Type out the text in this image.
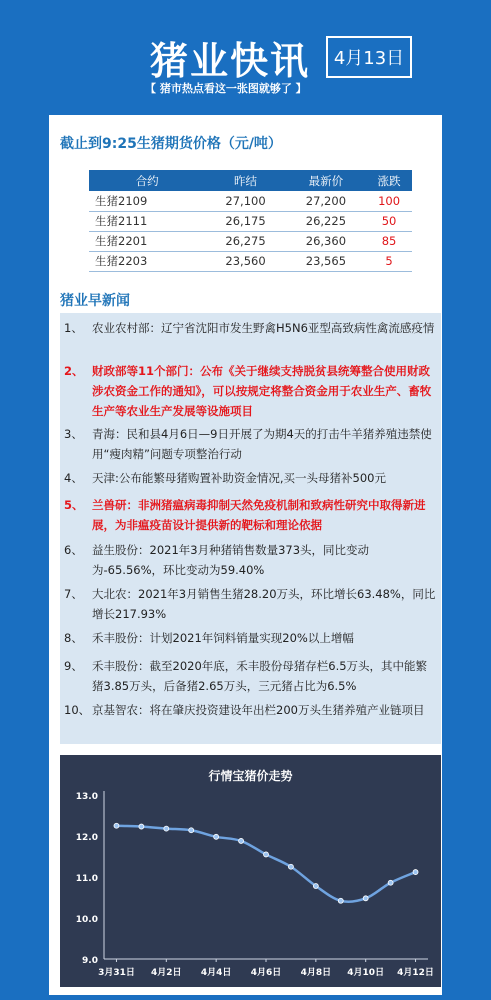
猪业快讯	4月13日
【 猪市热点看这一张图就够了 】
截止到9:25生猪期货价格（元/吨）
合约	昨结	最新价	涨跌
生猪2109	27,100	27,200	100
生猪2111	26,175	26,225	50
生猪2201	26,275	26,360	85
生猪2203	23,560	23,565	5
猪业早新闻
1、 农业农村部：辽宁省沈阳市发生野禽H5N6亚型高致病性禽流感疫情
2、 财政部等11个部门：公布《关于继续支持脱贫县统筹整合使用财政涉农资金工作的通知》，可以按规定将整合资金用于农业生产、畜牧生产等农业生产发展等设施项目
3、 青海：民和县4月6日—9日开展了为期4天的打击牛羊猪养殖违禁使用“瘦肉精”问题专项整治行动
4、 天津:公布能繁母猪购置补助资金情况,买一头母猪补500元
5、 兰兽研：非洲猪瘟病毒抑制天然免疫机制和致病性研究中取得新进展，为非瘟疫苗设计提供新的靶标和理论依据
6、 益生股份：2021年3月种猪销售数量373头，同比变动为-65.56%，环比变动为59.40%
7、 大北农：2021年3月销售生猪28.20万头，环比增长63.48%，同比增长217.93%
8、 禾丰股份：计划2021年饲料销量实现20%以上增幅
9、 禾丰股份：截至2020年底，禾丰股份母猪存栏6.5万头，其中能繁猪3.85万头，后备猪2.65万头，三元猪占比为6.5%
10、 京基智农：将在肇庆投资建设年出栏200万头生猪养殖产业链项目
行情宝猪价走势
9.0
10.0
11.0
12.0
13.0
3月31日 4月2日 4月4日 4月6日 4月8日 4月10日 4月12日
